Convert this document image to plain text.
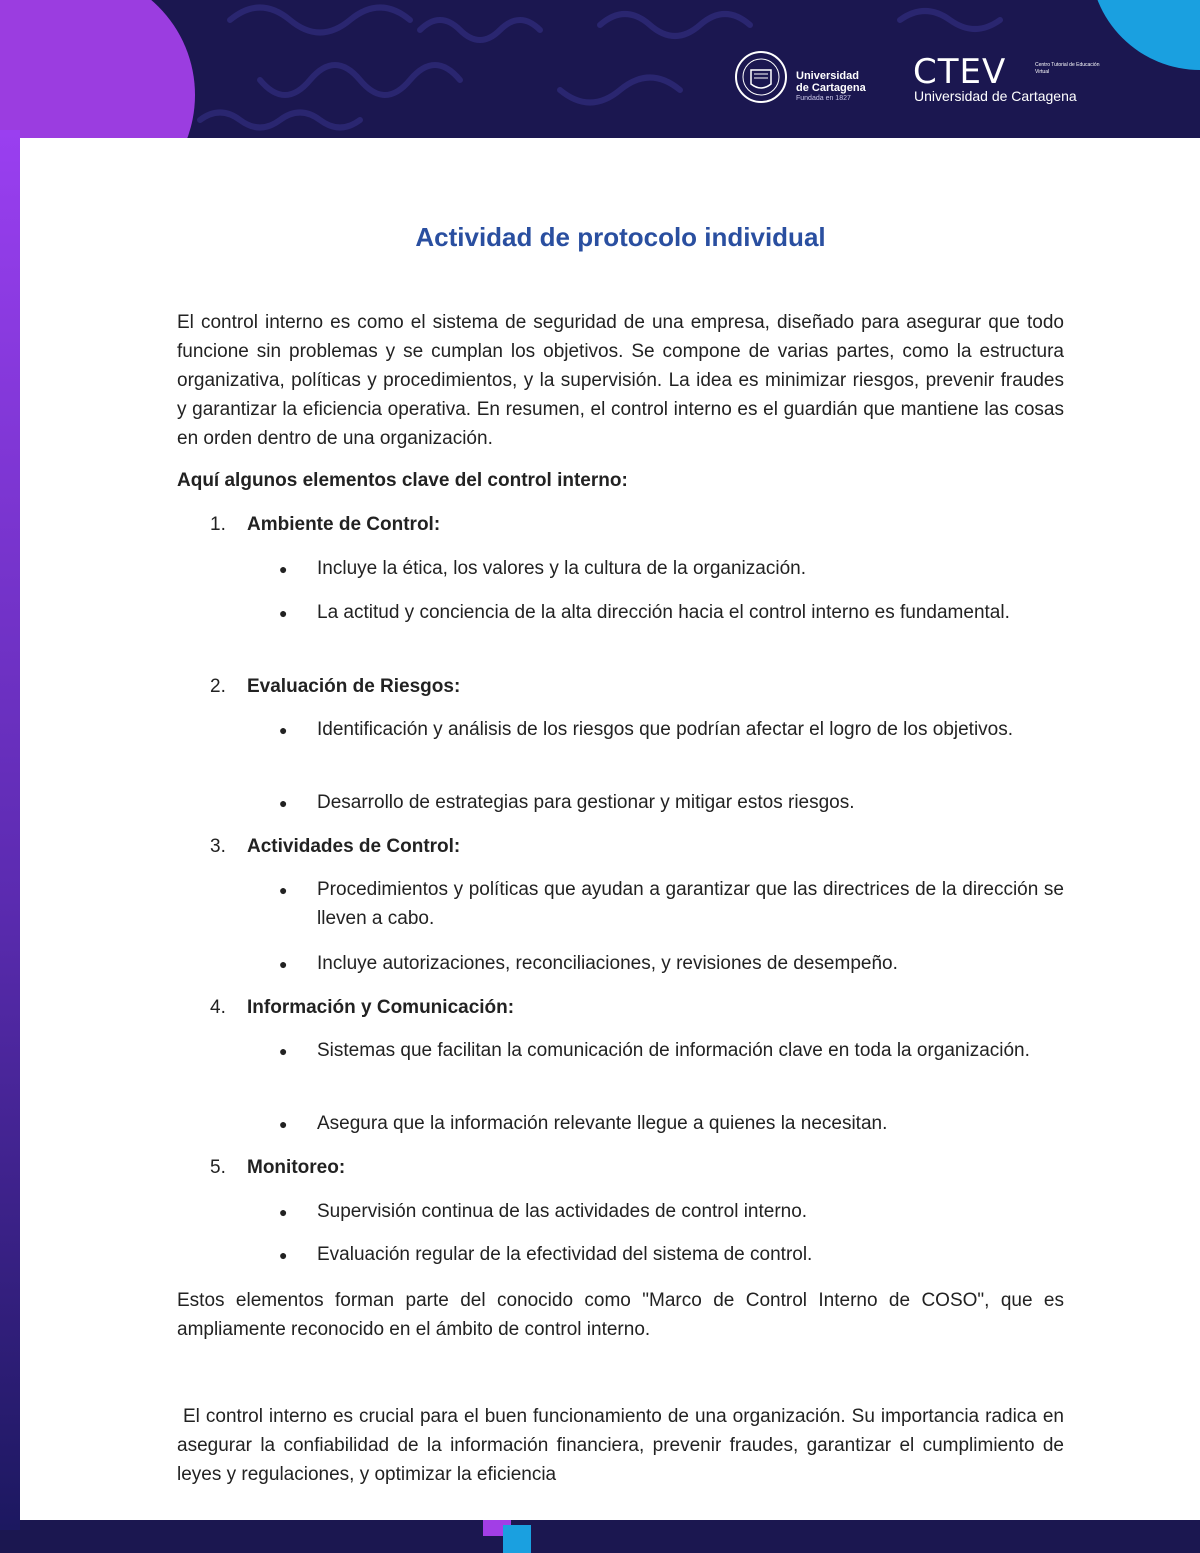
Universidad de Cartagena
Fundada en 1827
CTEV	Centro Tutorial de Educación Virtual
Universidad de Cartagena
Actividad de protocolo individual

El control interno es como el sistema de seguridad de una empresa, diseñado para asegurar que todo funcione sin problemas y se cumplan los objetivos. Se compone de varias partes, como la estructura organizativa, políticas y procedimientos, y la supervisión. La idea es minimizar riesgos, prevenir fraudes y garantizar la eficiencia operativa. En resumen, el control interno es el guardián que mantiene las cosas en orden dentro de una organización.

Aquí algunos elementos clave del control interno:

1. Ambiente de Control:
● Incluye la ética, los valores y la cultura de la organización.

● La actitud y conciencia de la alta dirección hacia el control interno es fundamental.

2. Evaluación de Riesgos:
● Identificación y análisis de los riesgos que podrían afectar el logro de los objetivos.

● Desarrollo de estrategias para gestionar y mitigar estos riesgos.

3. Actividades de Control:
● Procedimientos y políticas que ayudan a garantizar que las directrices de la dirección se lleven a cabo.

● Incluye autorizaciones, reconciliaciones, y revisiones de desempeño.

4. Información y Comunicación:
● Sistemas que facilitan la comunicación de información clave en toda la organización.

● Asegura que la información relevante llegue a quienes la necesitan.

5. Monitoreo:
● Supervisión continua de las actividades de control interno.

● Evaluación regular de la efectividad del sistema de control.

Estos elementos forman parte del conocido como "Marco de Control Interno de COSO", que es ampliamente reconocido en el ámbito de control interno.

El control interno es crucial para el buen funcionamiento de una organización. Su importancia radica en asegurar la confiabilidad de la información financiera, prevenir fraudes, garantizar el cumplimiento de leyes y regulaciones, y optimizar la eficiencia
